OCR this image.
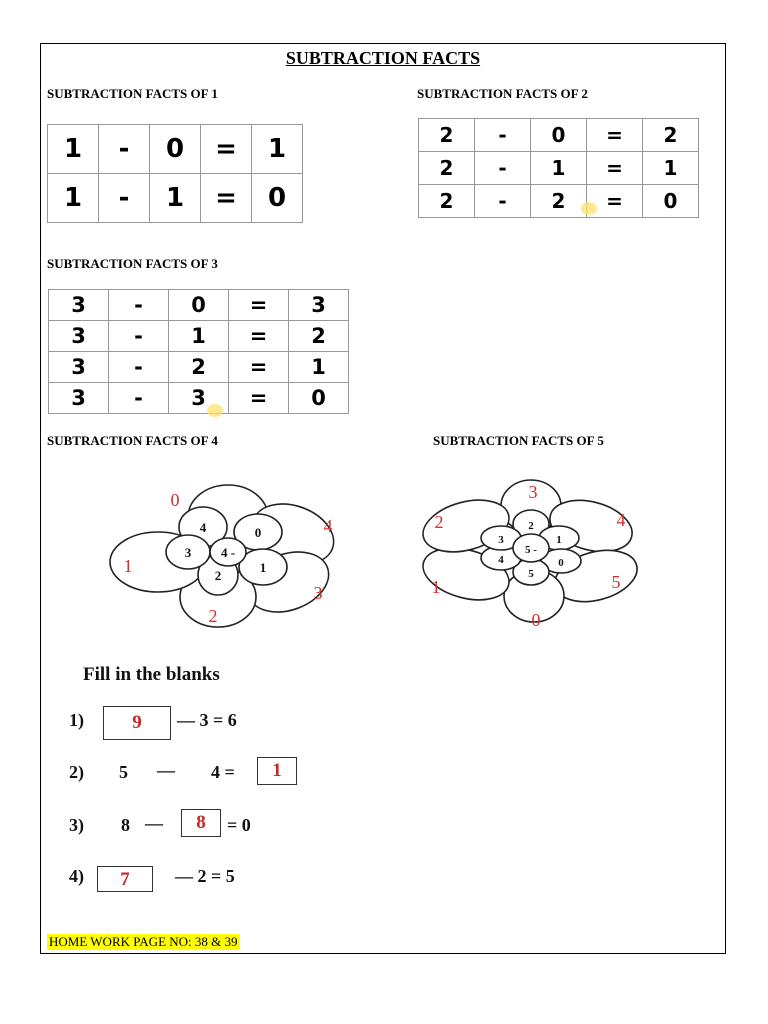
SUBTRACTION FACTS
SUBTRACTION FACTS OF 1	SUBTRACTION FACTS OF 2
1	-	0	=	1
1	-	1	=	0
2	-	0	=	2
2	-	1	=	1
2	-	2	=	0
SUBTRACTION FACTS OF 3
3	-	0	=	3
3	-	1	=	2
3	-	2	=	1
3	-	3	=	0
SUBTRACTION FACTS OF 4	SUBTRACTION FACTS OF 5
4 -
4	0
1
2
3
0
4
3
2
1
5 -
2
1
0
5
4
3
3
4
5
0
1
2
Fill in the blanks
1)	9	— 3 = 6
2) 5 — 4 =	1
3) 8 —	8	= 0
4)	7	— 2 = 5
HOME WORK PAGE NO: 38 & 39
